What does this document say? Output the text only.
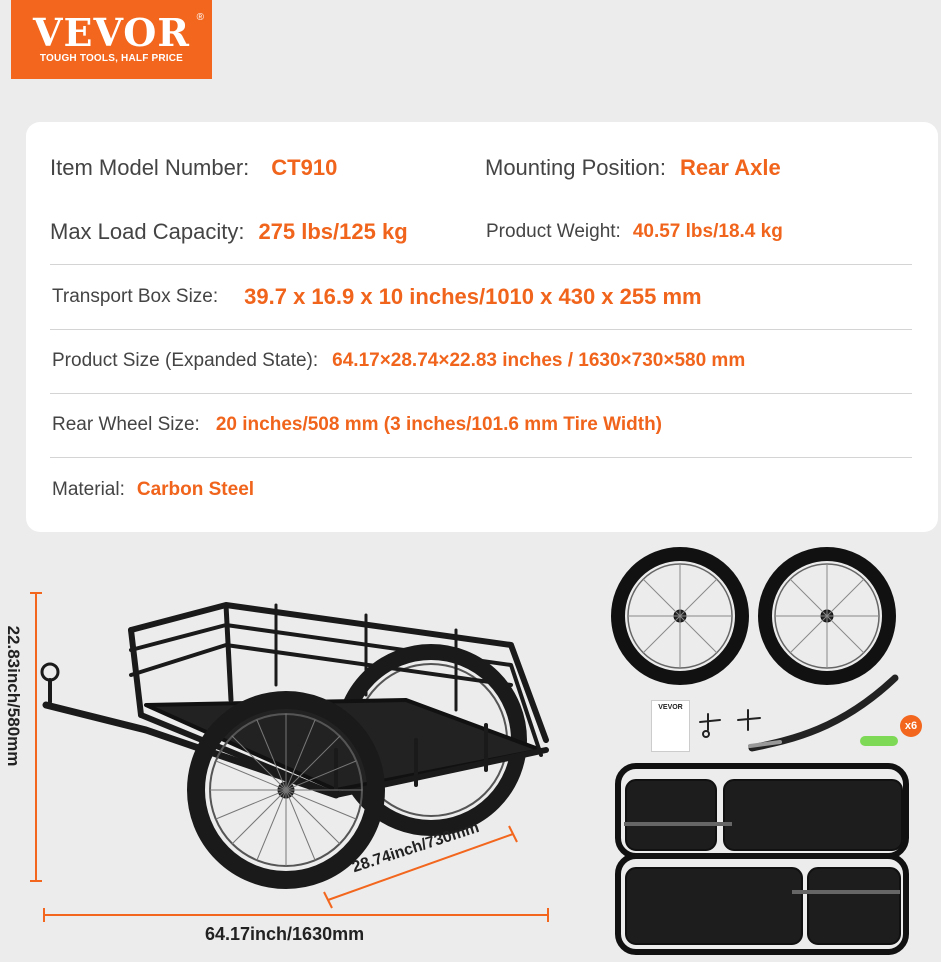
VEVOR ®
TOUGH TOOLS, HALF PRICE
Item Model Number: CT910	Mounting Position: Rear Axle
Max Load Capacity: 275 lbs/125 kg	Product Weight: 40.57 lbs/18.4 kg
Transport Box Size: 39.7 x 16.9 x 10 inches/1010 x 430 x 255 mm
Product Size (Expanded State): 64.17×28.74×22.83 inches / 1630×730×580 mm
Rear Wheel Size: 20 inches/508 mm (3 inches/101.6 mm Tire Width)
Material: Carbon Steel
22.83inch/580mm
28.74inch/730mm
64.17inch/1630mm
VEVOR
x6
